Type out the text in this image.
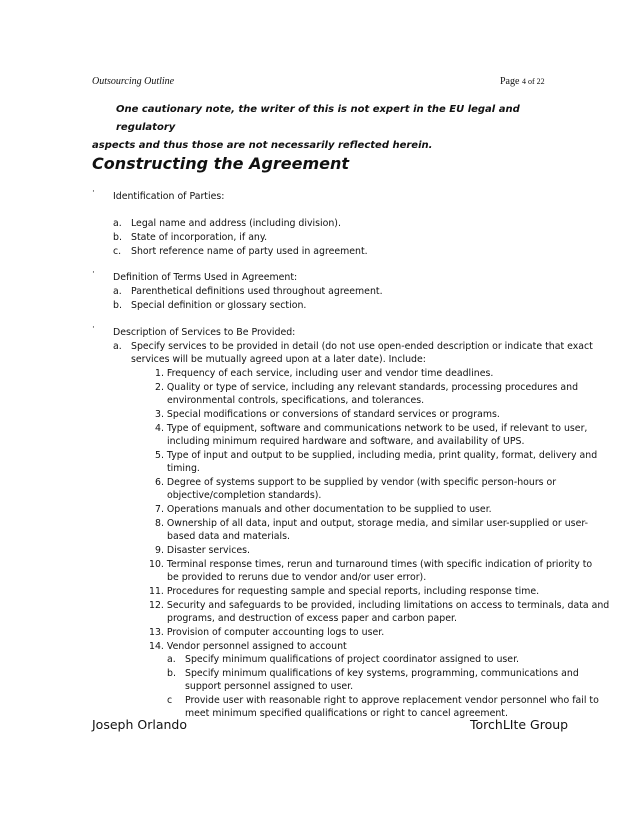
Outsourcing Outline	Page 4 of 22
One cautionary note, the writer of this is not expert in the EU legal and regulatory
aspects and thus those are not necessarily reflected herein.
Constructing the Agreement
·
·
·
Identification of Parties:
a. Legal name and address (including division).
b. State of incorporation, if any.
c. Short reference name of party used in agreement.
Definition of Terms Used in Agreement:
a. Parenthetical definitions used throughout agreement.
b. Special definition or glossary section.
Description of Services to Be Provided:
a. Specify services to be provided in detail (do not use open-ended description or indicate that exact
services will be mutually agreed upon at a later date). Include:
1. Frequency of each service, including user and vendor time deadlines.
2. Quality or type of service, including any relevant standards, processing procedures and
environmental controls, specifications, and tolerances.
3. Special modifications or conversions of standard services or programs.
4. Type of equipment, software and communications network to be used, if relevant to user,
including minimum required hardware and software, and availability of UPS.
5. Type of input and output to be supplied, including media, print quality, format, delivery and
timing.
6. Degree of systems support to be supplied by vendor (with specific person-hours or
objective/completion standards).
7. Operations manuals and other documentation to be supplied to user.
8. Ownership of all data, input and output, storage media, and similar user-supplied or user-
based data and materials.
9. Disaster services.
10. Terminal response times, rerun and turnaround times (with specific indication of priority to
be provided to reruns due to vendor and/or user error).
11. Procedures for requesting sample and special reports, including response time.
12. Security and safeguards to be provided, including limitations on access to terminals, data and
programs, and destruction of excess paper and carbon paper.
13. Provision of computer accounting logs to user.
14. Vendor personnel assigned to account
a. Specify minimum qualifications of project coordinator assigned to user.
b. Specify minimum qualifications of key systems, programming, communications and
support personnel assigned to user.
c Provide user with reasonable right to approve replacement vendor personnel who fail to
meet minimum specified qualifications or right to cancel agreement.
Joseph Orlando	TorchLIte Group
